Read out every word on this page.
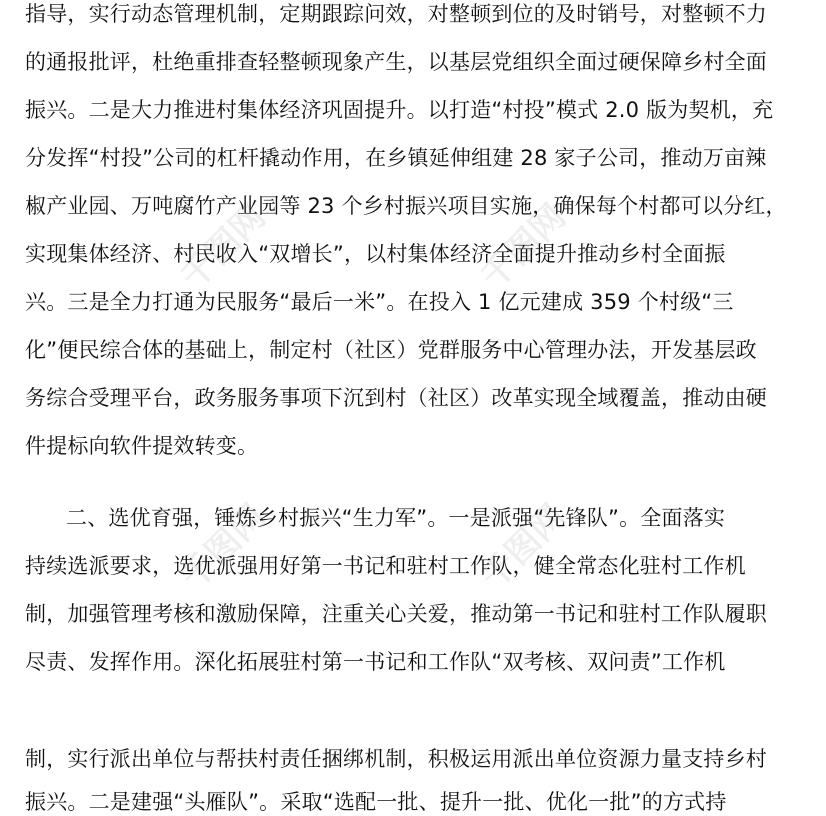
千图网	千图网
千图网	千图网
指导，实行动态管理机制，定期跟踪问效，对整顿到位的及时销号，对整顿不力
的通报批评，杜绝重排查轻整顿现象产生，以基层党组织全面过硬保障乡村全面
振兴。二是大力推进村集体经济巩固提升。以打造“村投”模式 2.0 版为契机，充
分发挥“村投”公司的杠杆撬动作用，在乡镇延伸组建 28 家子公司，推动万亩辣
椒产业园、万吨腐竹产业园等 23 个乡村振兴项目实施，确保每个村都可以分红，
实现集体经济、村民收入“双增长”，以村集体经济全面提升推动乡村全面振
兴。三是全力打通为民服务“最后一米”。在投入 1 亿元建成 359 个村级“三
化”便民综合体的基础上，制定村（社区）党群服务中心管理办法，开发基层政
务综合受理平台，政务服务事项下沉到村（社区）改革实现全域覆盖，推动由硬
件提标向软件提效转变。
二、选优育强，锤炼乡村振兴“生力军”。一是派强“先锋队”。全面落实
持续选派要求，选优派强用好第一书记和驻村工作队，健全常态化驻村工作机
制，加强管理考核和激励保障，注重关心关爱，推动第一书记和驻村工作队履职
尽责、发挥作用。深化拓展驻村第一书记和工作队“双考核、双问责”工作机
制，实行派出单位与帮扶村责任捆绑机制，积极运用派出单位资源力量支持乡村
振兴。二是建强“头雁队”。采取“选配一批、提升一批、优化一批”的方式持
